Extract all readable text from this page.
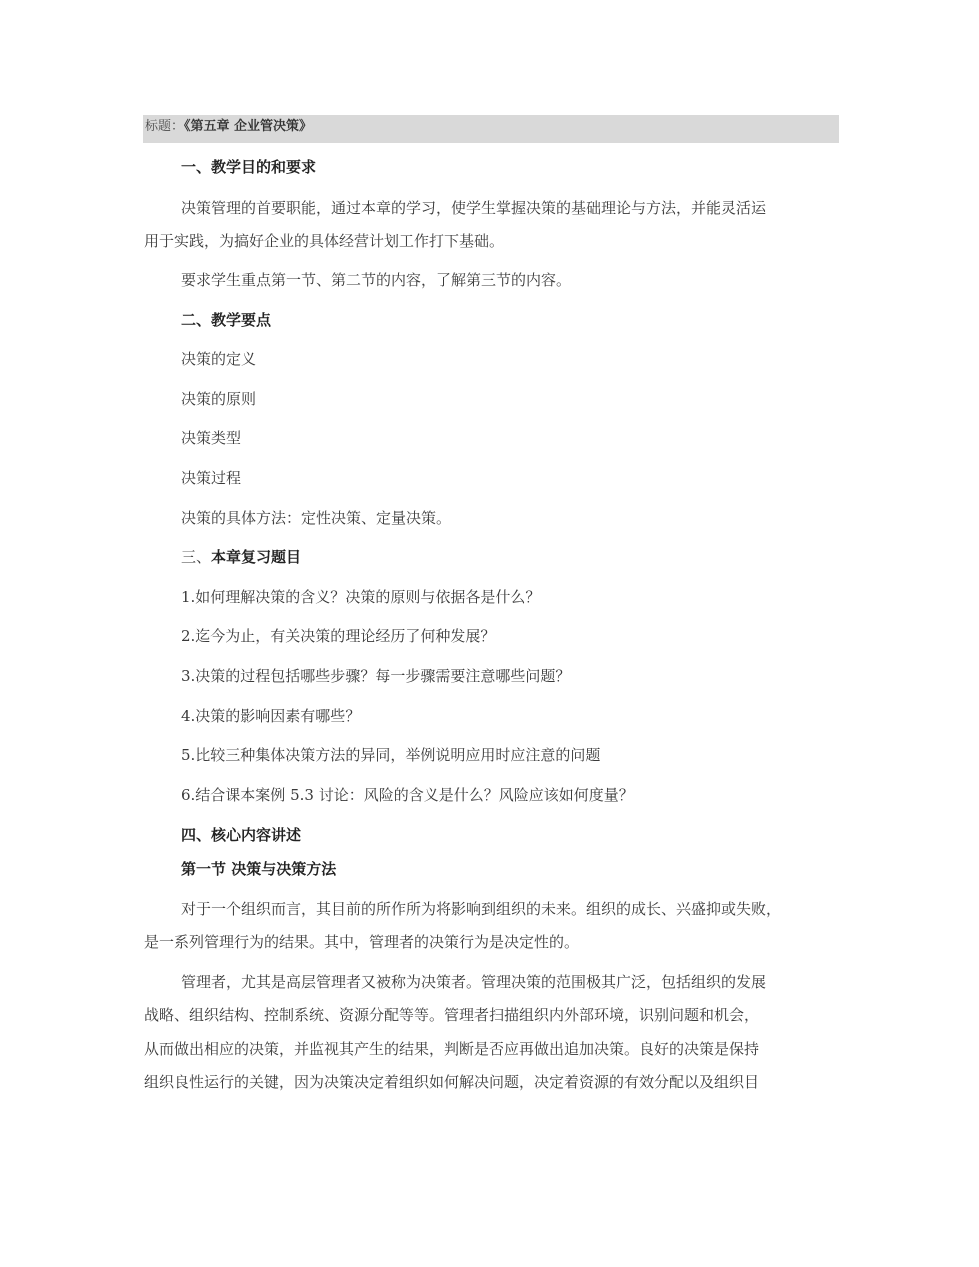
标题：《第五章 企业管决策》
一、教学目的和要求
决策管理的首要职能，通过本章的学习，使学生掌握决策的基础理论与方法，并能灵活运
用于实践，为搞好企业的具体经营计划工作打下基础。
要求学生重点第一节、第二节的内容，了解第三节的内容。
二、教学要点
决策的定义
决策的原则
决策类型
决策过程
决策的具体方法：定性决策、定量决策。
三、本章复习题目
1.如何理解决策的含义？决策的原则与依据各是什么？
2.迄今为止，有关决策的理论经历了何种发展？
3.决策的过程包括哪些步骤？每一步骤需要注意哪些问题？
4.决策的影响因素有哪些？
5.比较三种集体决策方法的异同，举例说明应用时应注意的问题
6.结合课本案例 5.3 讨论：风险的含义是什么？风险应该如何度量？
四、核心内容讲述
第一节 决策与决策方法
对于一个组织而言，其目前的所作所为将影响到组织的未来。组织的成长、兴盛抑或失败，
是一系列管理行为的结果。其中，管理者的决策行为是决定性的。
管理者，尤其是高层管理者又被称为决策者。管理决策的范围极其广泛，包括组织的发展
战略、组织结构、控制系统、资源分配等等。管理者扫描组织内外部环境，识别问题和机会，
从而做出相应的决策，并监视其产生的结果，判断是否应再做出追加决策。良好的决策是保持
组织良性运行的关键，因为决策决定着组织如何解决问题，决定着资源的有效分配以及组织目
